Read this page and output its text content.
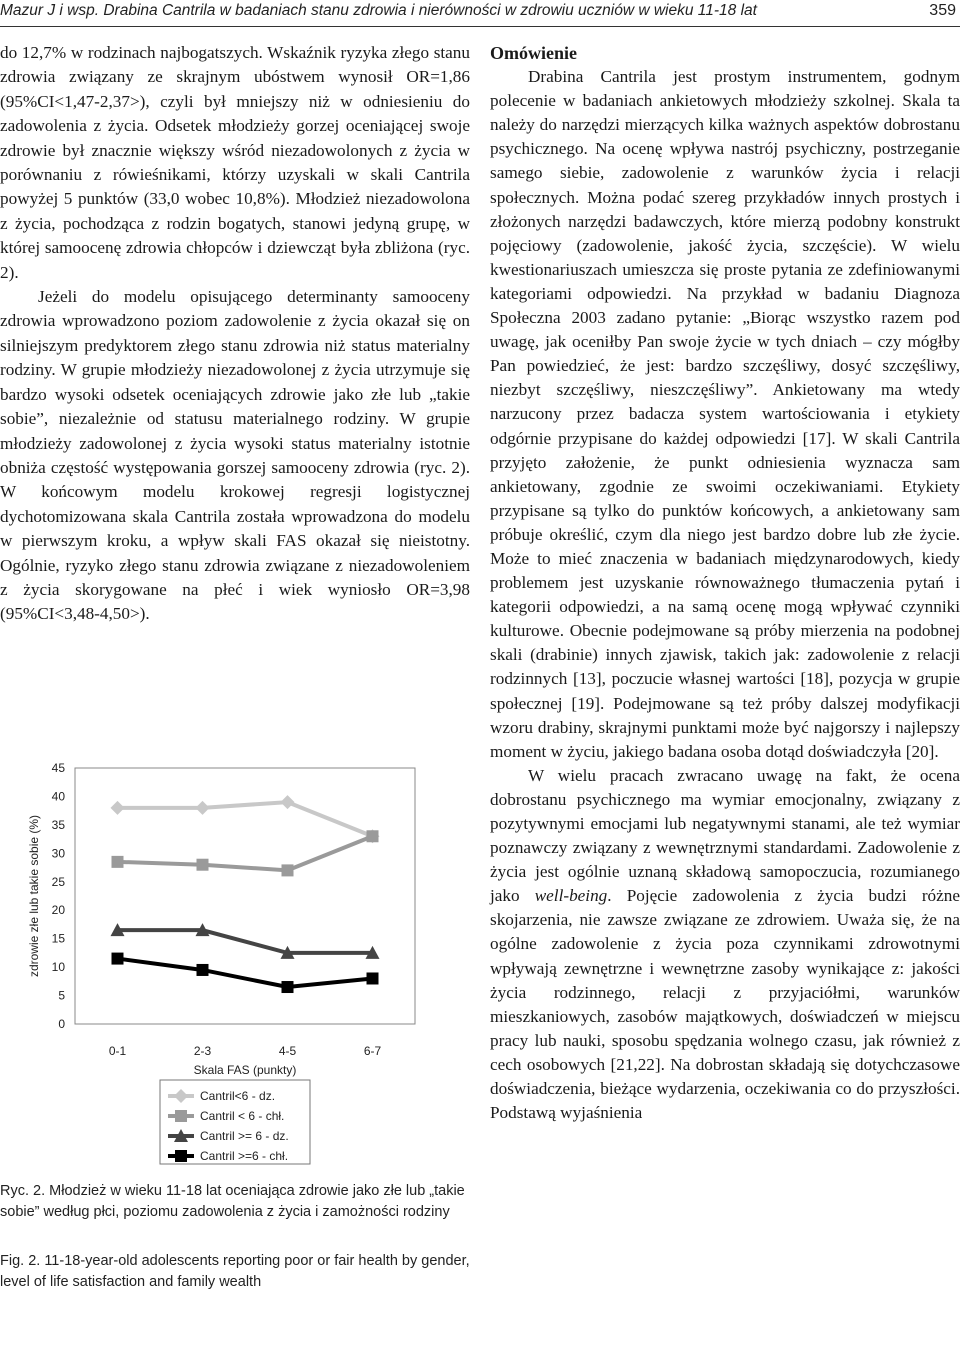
Mazur J i wsp. Drabina Cantrila w badaniach stanu zdrowia i nierówności w zdrowiu uczniów w wieku 11-18 lat	359

do 12,7% w rodzinach najbogatszych. Wskaźnik ryzyka złego stanu zdrowia związany ze skrajnym ubóstwem wynosił OR=1,86 (95%CI<1,47-2,37>), czyli był mniejszy niż w odniesieniu do zadowolenia z życia. Odsetek młodzieży gorzej oceniającej swoje zdrowie był znacznie większy wśród niezadowolonych z życia w porównaniu z rówieśnikami, którzy uzyskali w skali Cantrila powyżej 5 punktów (33,0 wobec 10,8%). Młodzież niezadowolona z życia, pochodząca z rodzin bogatych, stanowi jedyną grupę, w której samoocenę zdrowia chłopców i dziewcząt była zbliżona (ryc. 2).

Jeżeli do modelu opisującego determinanty samooceny zdrowia wprowadzono poziom zadowolenie z życia okazał się on silniejszym predyktorem złego stanu zdrowia niż status materialny rodziny. W grupie młodzieży niezadowolonej z życia utrzymuje się bardzo wysoki odsetek oceniających zdrowie jako złe lub „takie sobie”, niezależnie od statusu materialnego rodziny. W grupie młodzieży zadowolonej z życia wysoki status materialny istotnie obniża częstość występowania gorszej samooceny zdrowia (ryc. 2). W końcowym modelu krokowej regresji logistycznej dychotomizowana skala Cantrila została wprowadzona do modelu w pierwszym kroku, a wpływ skali FAS okazał się nieistotny. Ogólnie, ryzyko złego stanu zdrowia związane z niezadowoleniem z życia skorygowane na płeć i wiek wyniosło OR=3,98 (95%CI<3,48-4,50>).

0
5
10
15
20
25
30
35
40
45
zdrowie złe lub takie sobie (%)
0-1	2-3	4-5	6-7
Skala FAS (punkty)
Cantril<6 - dz.
Cantril < 6 - chł.
Cantril >= 6 - dz.
Cantril >=6 - chł.
Ryc. 2. Młodzież w wieku 11-18 lat oceniająca zdrowie jako złe lub „takie sobie” według płci, poziomu zadowolenia z życia i zamożności rodziny
Fig. 2. 11-18-year-old adolescents reporting poor or fair health by gender, level of life satisfaction and family wealth

Omówienie

Drabina Cantrila jest prostym instrumentem, godnym polecenie w badaniach ankietowych młodzieży szkolnej. Skala ta należy do narzędzi mierzących kilka ważnych aspektów dobrostanu psychicznego. Na ocenę wpływa nastrój psychiczny, postrzeganie samego siebie, zadowolenie z warunków życia i relacji społecznych. Można podać szereg przykładów innych prostych i złożonych narzędzi badawczych, które mierzą podobny konstrukt pojęciowy (zadowolenie, jakość życia, szczęście). W wielu kwestionariuszach umieszcza się proste pytania ze zdefiniowanymi kategoriami odpowiedzi. Na przykład w badaniu Diagnoza Społeczna 2003 zadano pytanie: „Biorąc wszystko razem pod uwagę, jak oceniłby Pan swoje życie w tych dniach – czy mógłby Pan powiedzieć, że jest: bardzo szczęśliwy, dosyć szczęśliwy, niezbyt szczęśliwy, nieszczęśliwy”. Ankietowany ma wtedy narzucony przez badacza system wartościowania i etykiety odgórnie przypisane do każdej odpowiedzi [17]. W skali Cantrila przyjęto założenie, że punkt odniesienia wyznacza sam ankietowany, zgodnie ze swoimi oczekiwaniami. Etykiety przypisane są tylko do punktów końcowych, a ankietowany sam próbuje określić, czym dla niego jest bardzo dobre lub złe życie. Może to mieć znaczenia w badaniach międzynarodowych, kiedy problemem jest uzyskanie równoważnego tłumaczenia pytań i kategorii odpowiedzi, a na samą ocenę mogą wpływać czynniki kulturowe. Obecnie podejmowane są próby mierzenia na podobnej skali (drabinie) innych zjawisk, takich jak: zadowolenie z relacji rodzinnych [13], poczucie własnej wartości [18], pozycja w grupie społecznej [19]. Podejmowane są też próby dalszej modyfikacji wzoru drabiny, skrajnymi punktami może być najgorszy i najlepszy moment w życiu, jakiego badana osoba dotąd doświadczyła [20].

W wielu pracach zwracano uwagę na fakt, że ocena dobrostanu psychicznego ma wymiar emocjonalny, związany z pozytywnymi emocjami lub negatywnymi stanami, ale też wymiar poznawczy związany z wewnętrznymi standardami. Zadowolenie z życia jest ogólnie uznaną składową samopoczucia, rozumianego jako well-being. Pojęcie zadowolenia z życia budzi różne skojarzenia, nie zawsze związane ze zdrowiem. Uważa się, że na ogólne zadowolenie z życia poza czynnikami zdrowotnymi wpływają zewnętrzne i wewnętrzne zasoby wynikające z: jakości życia rodzinnego, relacji z przyjaciółmi, warunków mieszkaniowych, zasobów majątkowych, doświadczeń w miejscu pracy lub nauki, sposobu spędzania wolnego czasu, jak również z cech osobowych [21,22]. Na dobrostan składają się dotychczasowe doświadczenia, bieżące wydarzenia, oczekiwania co do przyszłości. Podstawą wyjaśnienia
